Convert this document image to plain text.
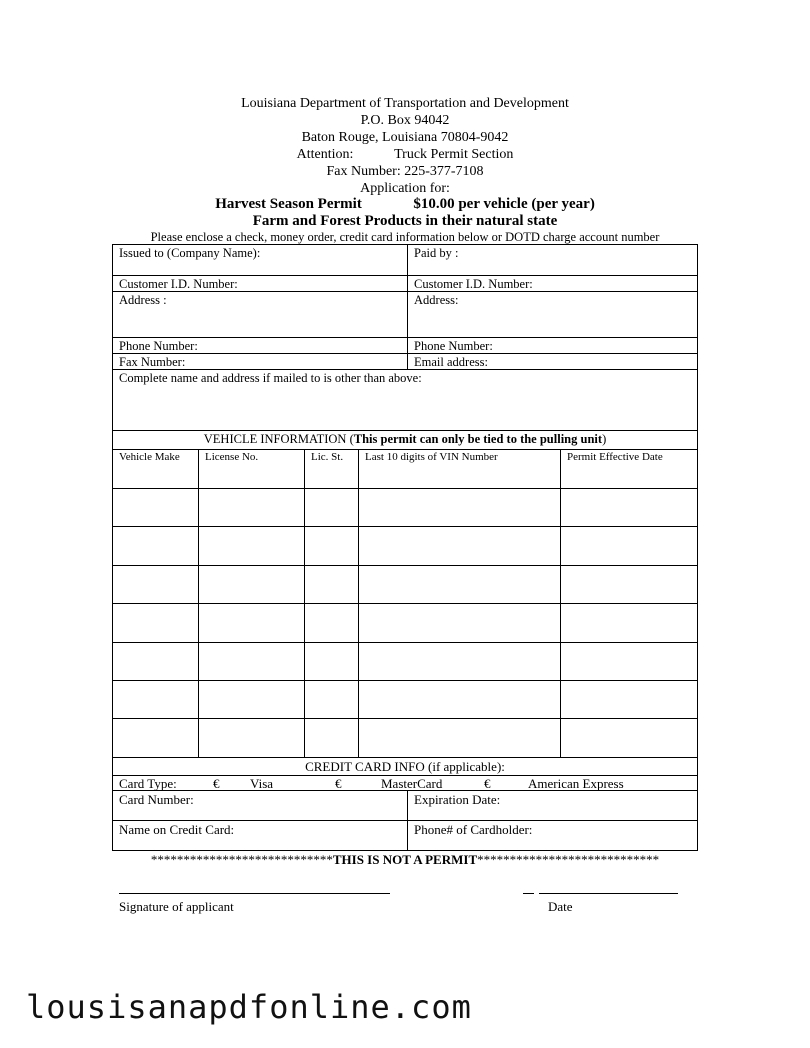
Louisiana Department of Transportation and Development
P.O. Box 94042
Baton Rouge, Louisiana 70804-9042
Attention:	Truck Permit Section
Fax Number: 225-377-7108
Application for:
Harvest Season Permit	$10.00 per vehicle (per year)
Farm and Forest Products in their natural state
Please enclose a check, money order, credit card information below or DOTD charge account number
Issued to (Company Name):	Paid by :
Customer I.D. Number:	Customer I.D. Number:
Address :	Address:
Phone Number:	Phone Number:
Fax Number:	Email address:
Complete name and address if mailed to is other than above:
VEHICLE INFORMATION (This permit can only be tied to the pulling unit)
Vehicle Make	License No.	Lic. St.	Last 10 digits of VIN Number	Permit Effective Date
CREDIT CARD INFO (if applicable):
Card Type:	€ Visa	€	MasterCard	€	American Express
Card Number:	Expiration Date:
Name on Credit Card:	Phone# of Cardholder:
****************************THIS IS NOT A PERMIT****************************
Signature of applicant	Date
lousisanapdfonline.com
